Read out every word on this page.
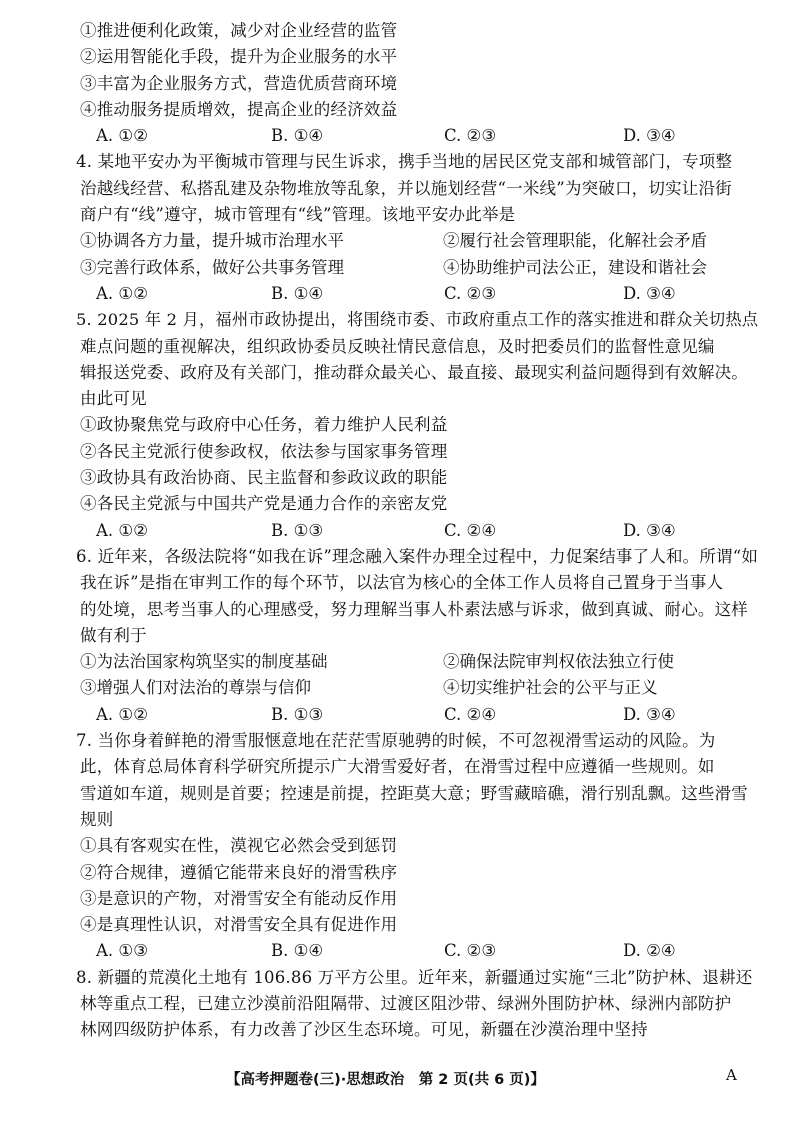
①推进便利化政策，减少对企业经营的监管
②运用智能化手段，提升为企业服务的水平
③丰富为企业服务方式，营造优质营商环境
④推动服务提质增效，提高企业的经济效益
A. ①②	B. ①④	C. ②③	D. ③④
4. 某地平安办为平衡城市管理与民生诉求，携手当地的居民区党支部和城管部门，专项整
治越线经营、私搭乱建及杂物堆放等乱象，并以施划经营“一米线”为突破口，切实让沿街
商户有“线”遵守，城市管理有“线”管理。该地平安办此举是
①协调各方力量，提升城市治理水平	②履行社会管理职能，化解社会矛盾
③完善行政体系，做好公共事务管理	④协助维护司法公正，建设和谐社会
A. ①②	B. ①④	C. ②③	D. ③④
5. 2025 年 2 月，福州市政协提出，将围绕市委、市政府重点工作的落实推进和群众关切热点
难点问题的重视解决，组织政协委员反映社情民意信息，及时把委员们的监督性意见编
辑报送党委、政府及有关部门，推动群众最关心、最直接、最现实利益问题得到有效解决。
由此可见
①政协聚焦党与政府中心任务，着力维护人民利益
②各民主党派行使参政权，依法参与国家事务管理
③政协具有政治协商、民主监督和参政议政的职能
④各民主党派与中国共产党是通力合作的亲密友党
A. ①②	B. ①③	C. ②④	D. ③④
6. 近年来，各级法院将“如我在诉”理念融入案件办理全过程中，力促案结事了人和。所谓“如
我在诉”是指在审判工作的每个环节，以法官为核心的全体工作人员将自己置身于当事人
的处境，思考当事人的心理感受，努力理解当事人朴素法感与诉求，做到真诚、耐心。这样
做有利于
①为法治国家构筑坚实的制度基础	②确保法院审判权依法独立行使
③增强人们对法治的尊崇与信仰	④切实维护社会的公平与正义
A. ①②	B. ①③	C. ②④	D. ③④
7. 当你身着鲜艳的滑雪服惬意地在茫茫雪原驰骋的时候，不可忽视滑雪运动的风险。为
此，体育总局体育科学研究所提示广大滑雪爱好者，在滑雪过程中应遵循一些规则。如
雪道如车道，规则是首要；控速是前提，控距莫大意；野雪藏暗礁，滑行别乱飘。这些滑雪
规则
①具有客观实在性，漠视它必然会受到惩罚
②符合规律，遵循它能带来良好的滑雪秩序
③是意识的产物，对滑雪安全有能动反作用
④是真理性认识，对滑雪安全具有促进作用
A. ①③	B. ①④	C. ②③	D. ②④
8. 新疆的荒漠化土地有 106.86 万平方公里。近年来，新疆通过实施“三北”防护林、退耕还
林等重点工程，已建立沙漠前沿阻隔带、过渡区阻沙带、绿洲外围防护林、绿洲内部防护
林网四级防护体系，有力改善了沙区生态环境。可见，新疆在沙漠治理中坚持
【高考押题卷(三)·思想政治　第 2 页(共 6 页)】	A
